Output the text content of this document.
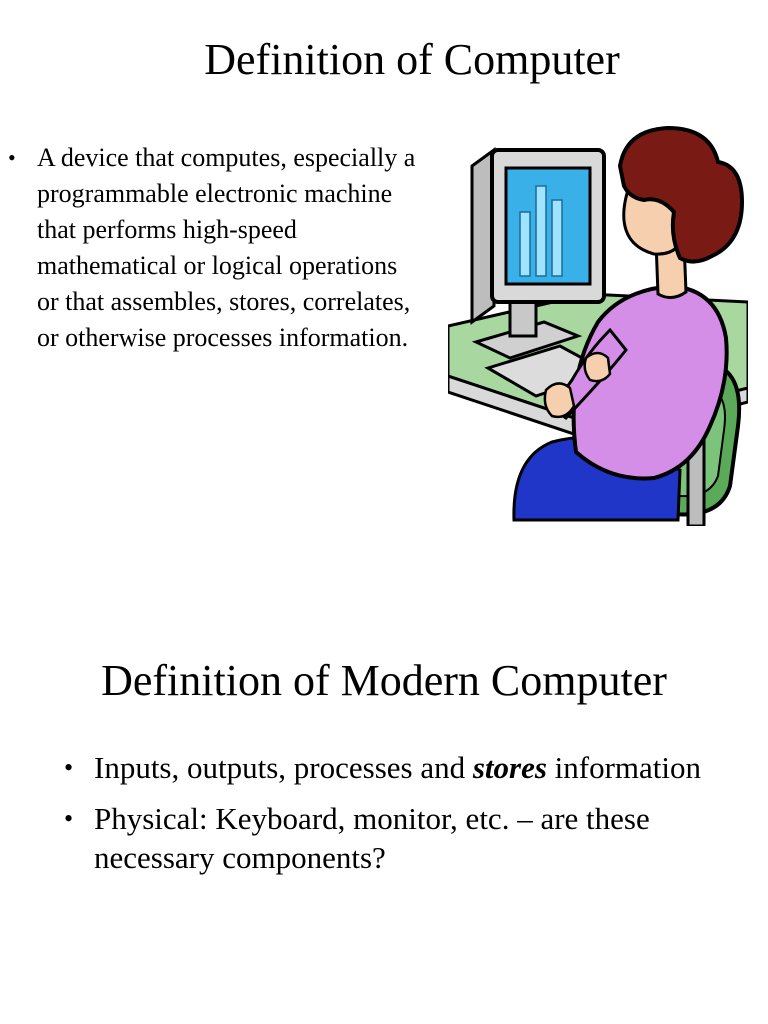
Definition of Computer
• A device that computes, especially a programmable electronic machine that performs high-speed mathematical or logical operations or that assembles, stores, correlates, or otherwise processes information.
Definition of Modern Computer
• Inputs, outputs, processes and stores information
• Physical: Keyboard, monitor, etc. – are these necessary components?
